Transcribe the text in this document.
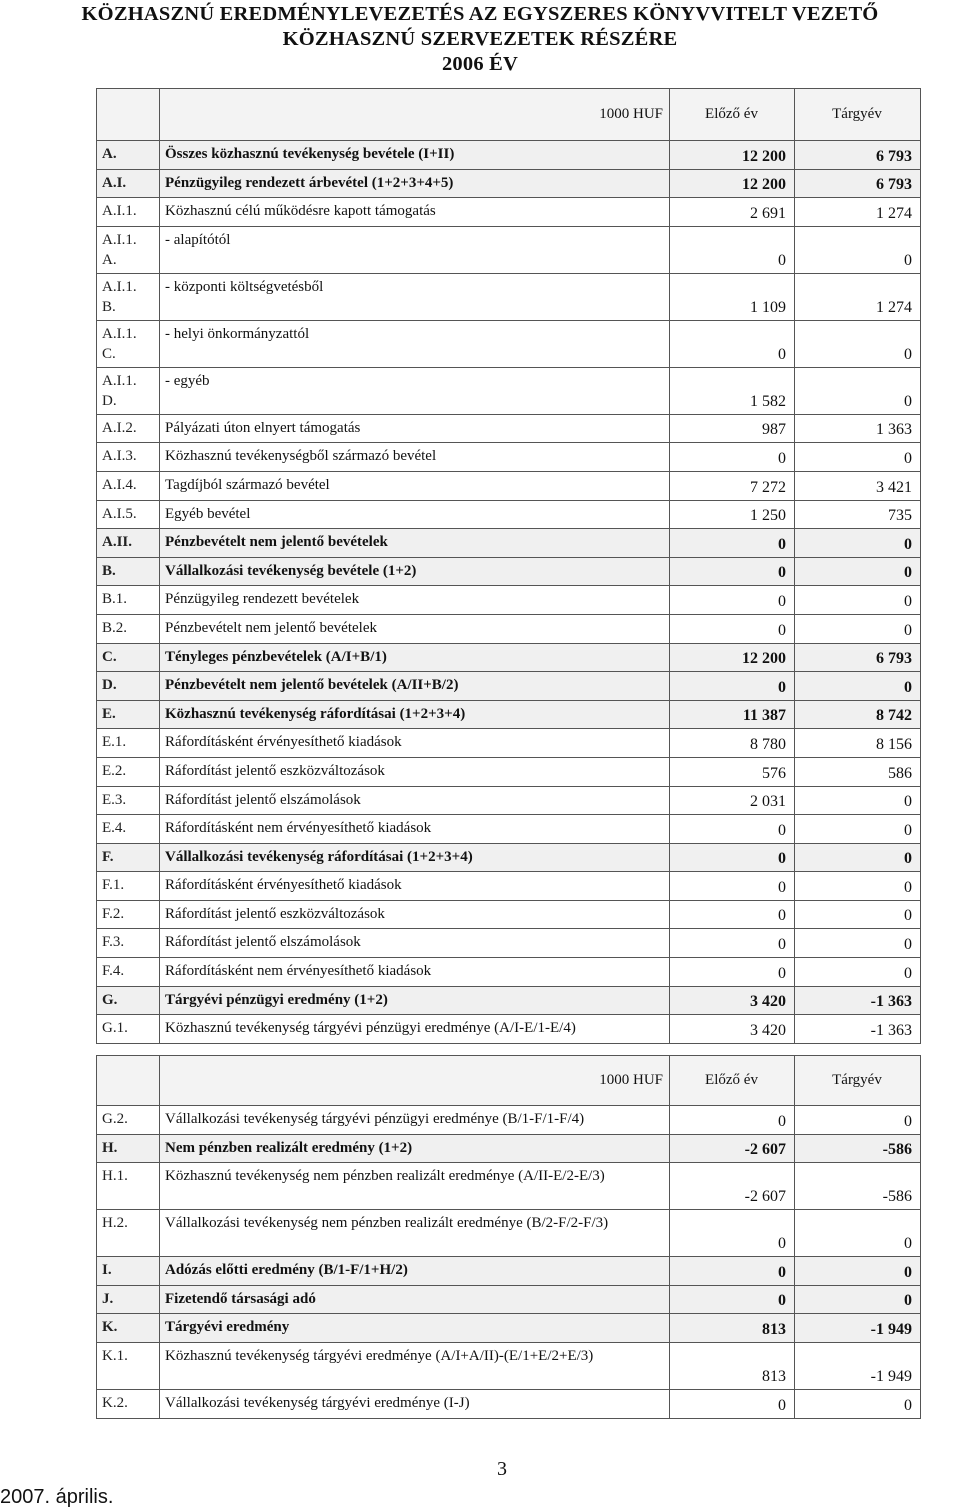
KÖZHASZNÚ EREDMÉNYLEVEZETÉS AZ EGYSZERES KÖNYVVITELT VEZETŐ
KÖZHASZNÚ SZERVEZETEK RÉSZÉRE
2006 ÉV
	1000 HUF	Előző év	Tárgyév
A.	Összes közhasznú tevékenység bevétele (I+II)	12 200	6 793
A.I.	Pénzügyileg rendezett árbevétel (1+2+3+4+5)	12 200	6 793
A.I.1.	Közhasznú célú működésre kapott támogatás	2 691	1 274
A.I.1. A.	- alapítótól	0	0
A.I.1. B.	- központi költségvetésből	1 109	1 274
A.I.1. C.	- helyi önkormányzattól	0	0
A.I.1. D.	- egyéb	1 582	0
A.I.2.	Pályázati úton elnyert támogatás	987	1 363
A.I.3.	Közhasznú tevékenységből származó bevétel	0	0
A.I.4.	Tagdíjból származó bevétel	7 272	3 421
A.I.5.	Egyéb bevétel	1 250	735
A.II.	Pénzbevételt nem jelentő bevételek	0	0
B.	Vállalkozási tevékenység bevétele (1+2)	0	0
B.1.	Pénzügyileg rendezett bevételek	0	0
B.2.	Pénzbevételt nem jelentő bevételek	0	0
C.	Tényleges pénzbevételek (A/I+B/1)	12 200	6 793
D.	Pénzbevételt nem jelentő bevételek (A/II+B/2)	0	0
E.	Közhasznú tevékenység ráfordításai (1+2+3+4)	11 387	8 742
E.1.	Ráfordításként érvényesíthető kiadások	8 780	8 156
E.2.	Ráfordítást jelentő eszközváltozások	576	586
E.3.	Ráfordítást jelentő elszámolások	2 031	0
E.4.	Ráfordításként nem érvényesíthető kiadások	0	0
F.	Vállalkozási tevékenység ráfordításai (1+2+3+4)	0	0
F.1.	Ráfordításként érvényesíthető kiadások	0	0
F.2.	Ráfordítást jelentő eszközváltozások	0	0
F.3.	Ráfordítást jelentő elszámolások	0	0
F.4.	Ráfordításként nem érvényesíthető kiadások	0	0
G.	Tárgyévi pénzügyi eredmény (1+2)	3 420	-1 363
G.1.	Közhasznú tevékenység tárgyévi pénzügyi eredménye (A/I-E/1-E/4)	3 420	-1 363
	1000 HUF	Előző év	Tárgyév
G.2.	Vállalkozási tevékenység tárgyévi pénzügyi eredménye (B/1-F/1-F/4)	0	0
H.	Nem pénzben realizált eredmény (1+2)	-2 607	-586
H.1.	Közhasznú tevékenység nem pénzben realizált eredménye (A/II-E/2-E/3)	-2 607	-586
H.2.	Vállalkozási tevékenység nem pénzben realizált eredménye (B/2-F/2-F/3)	0	0
I.	Adózás előtti eredmény (B/1-F/1+H/2)	0	0
J.	Fizetendő társasági adó	0	0
K.	Tárgyévi eredmény	813	-1 949
K.1.	Közhasznú tevékenység tárgyévi eredménye (A/I+A/II)-(E/1+E/2+E/3)	813	-1 949
K.2.	Vállalkozási tevékenység tárgyévi eredménye (I-J)	0	0
3
2007. április.
